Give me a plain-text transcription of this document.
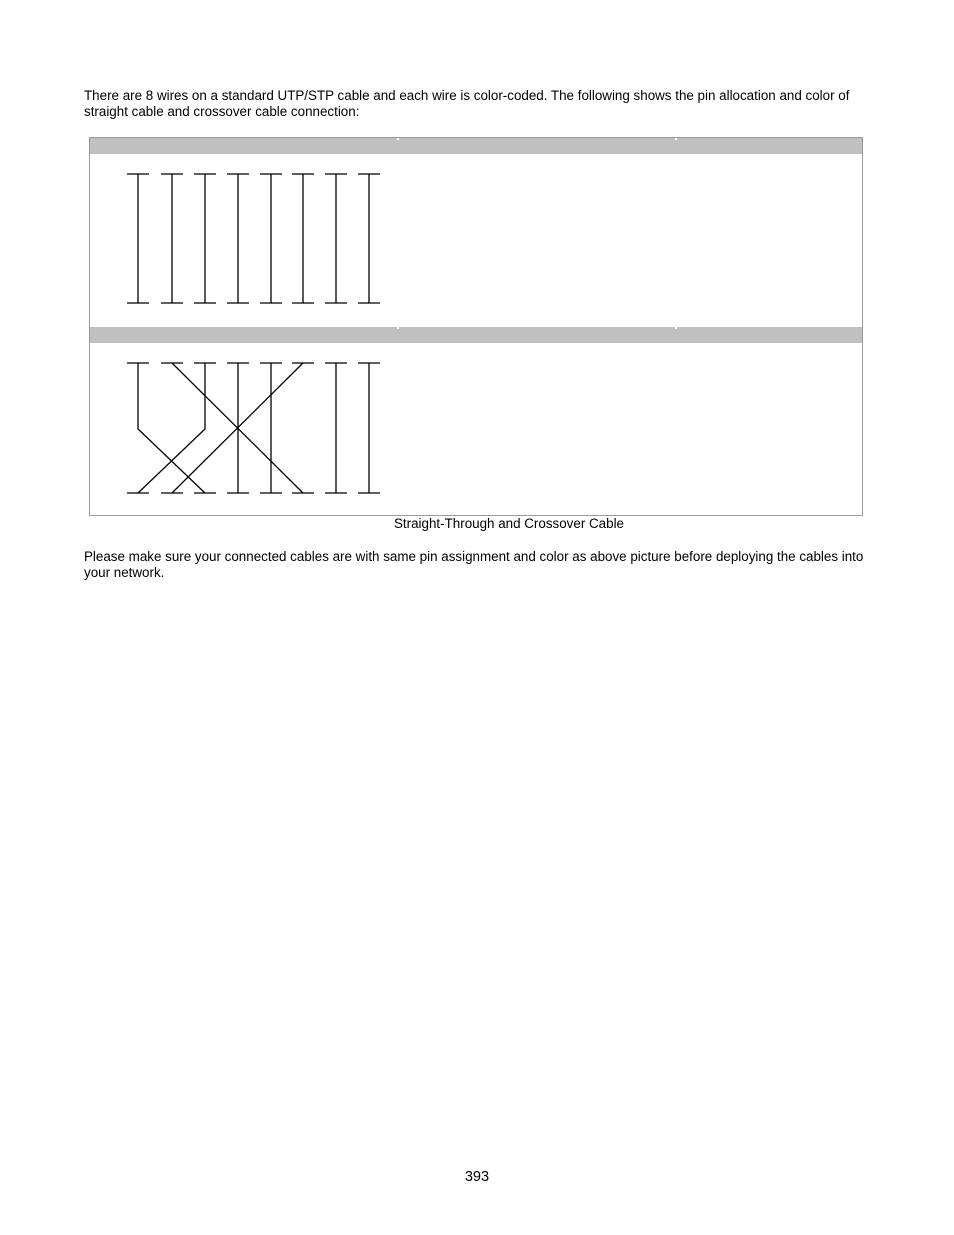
There are 8 wires on a standard UTP/STP cable and each wire is color-coded. The following shows the pin allocation and color of straight cable and crossover cable connection:

Straight-Through and Crossover Cable

Please make sure your connected cables are with same pin assignment and color as above picture before deploying the cables into your network.

393
